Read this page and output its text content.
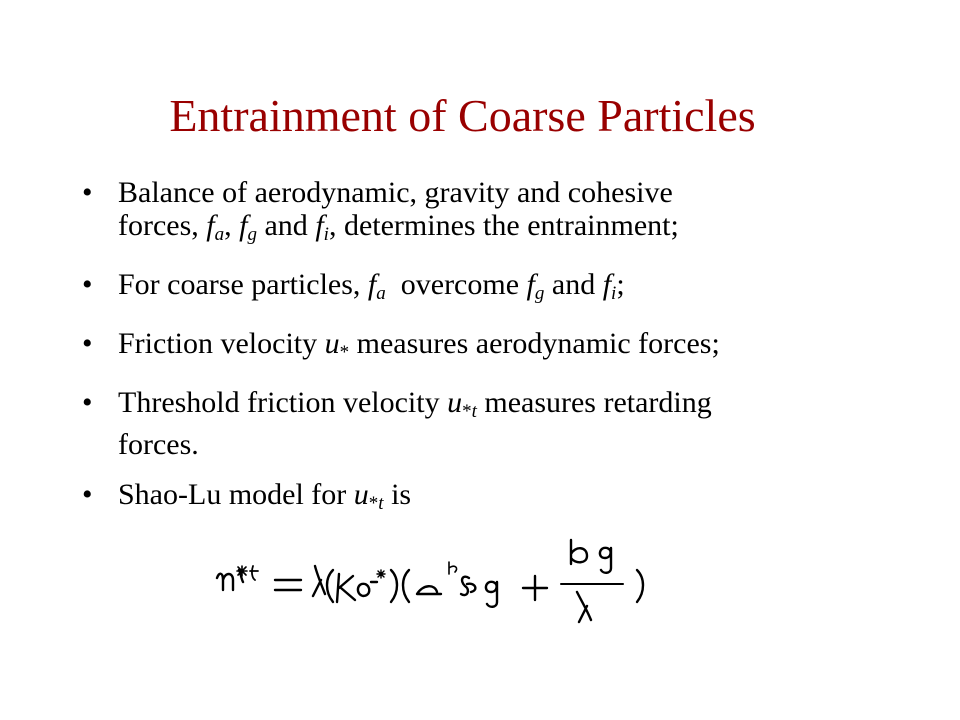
Entrainment of Coarse Particles
• Balance of aerodynamic, gravity and cohesive
forces, $f_a$, $f_g$ and $f_i$, determines the entrainment;
• For coarse particles, $f_a$  overcome $f_g$ and $f_i$;
• Friction velocity u* measures aerodynamic forces;
• Threshold friction velocity $u*_t$ measures retarding
forces.
• Shao-Lu model for $u*_t$ is
